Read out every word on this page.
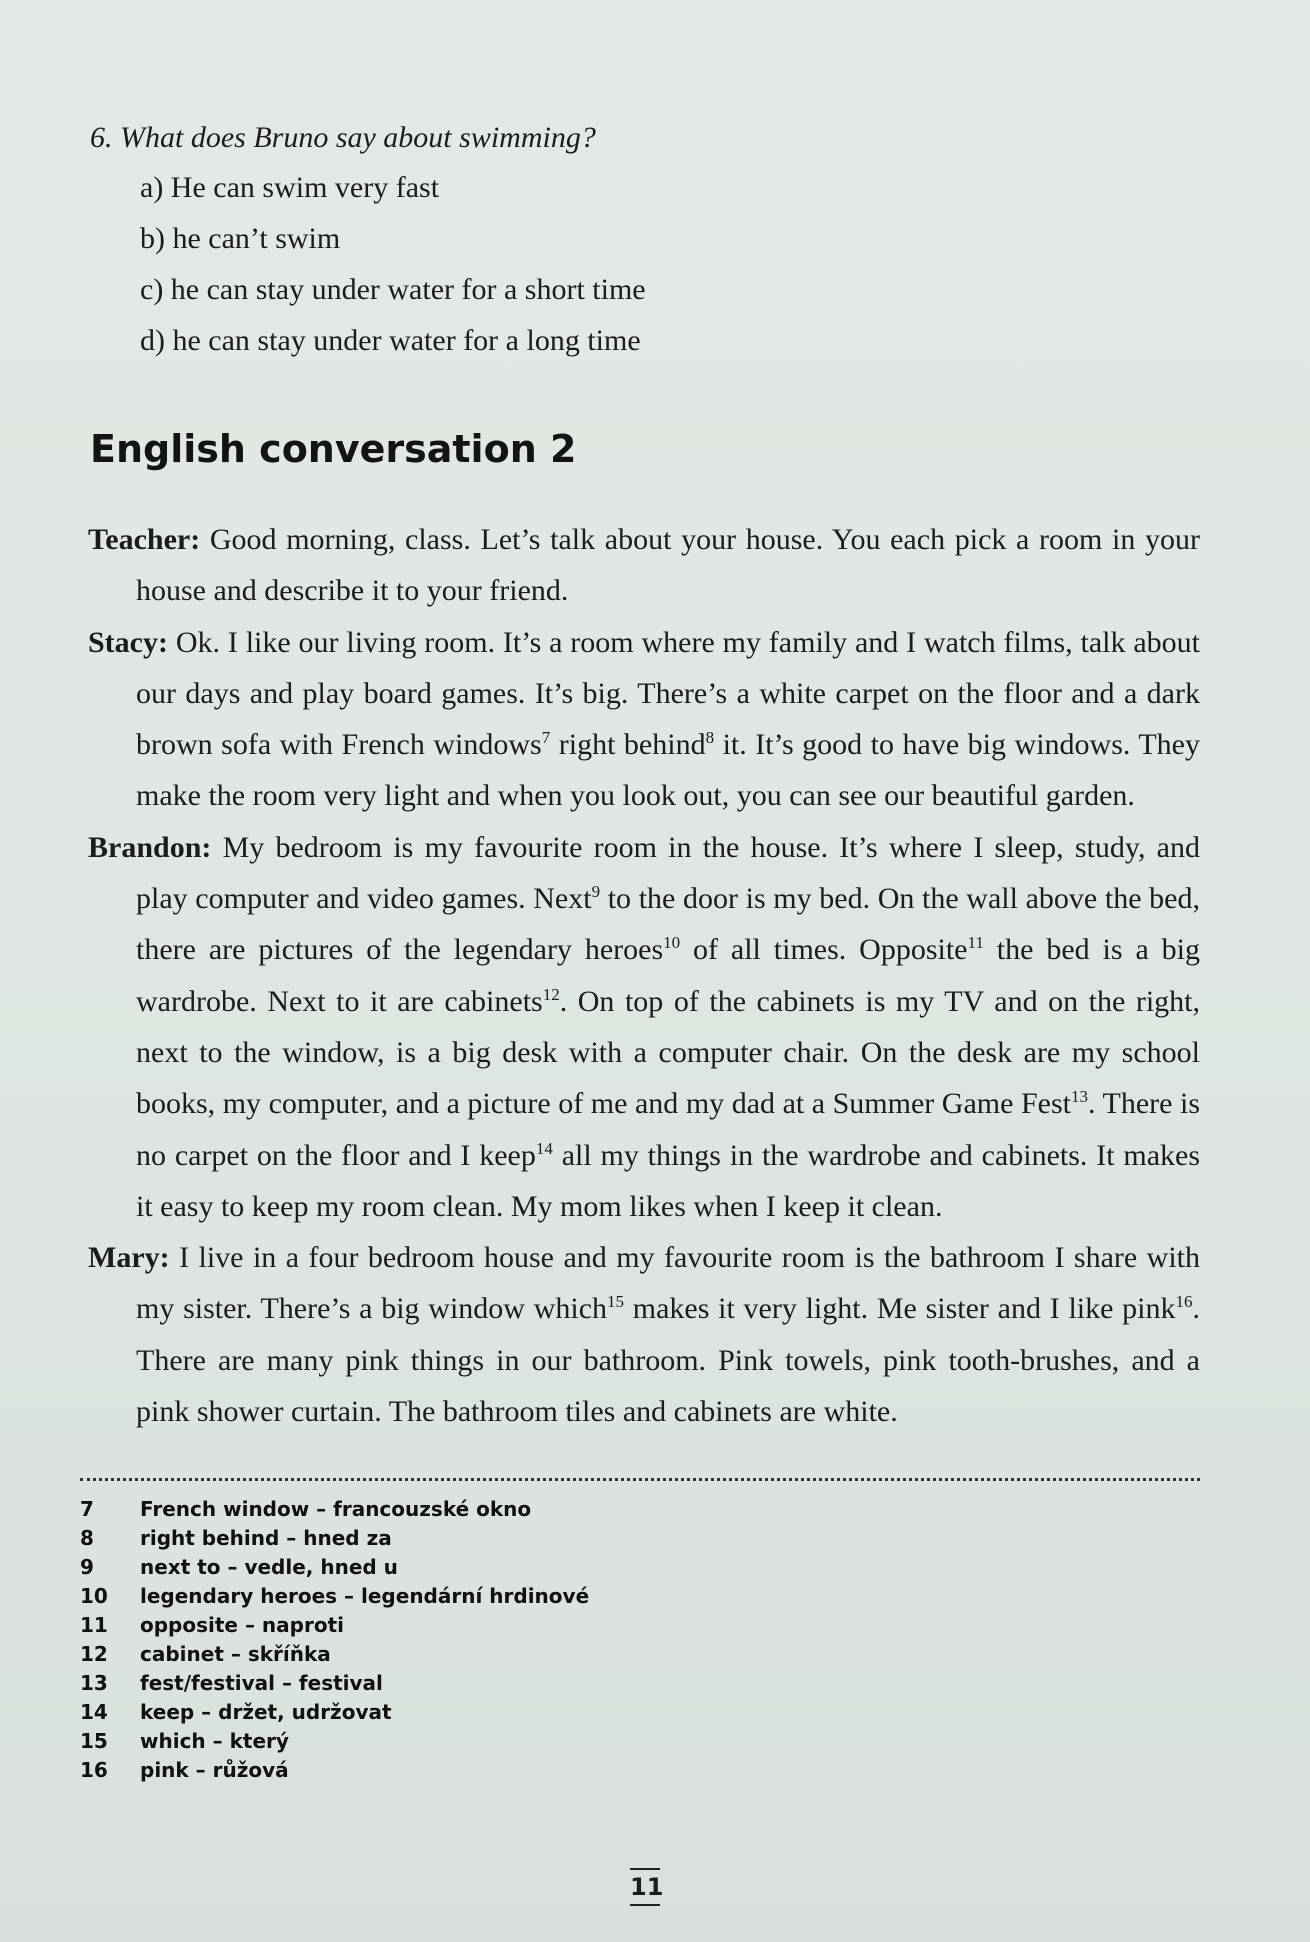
6. What does Bruno say about swimming?

a) He can swim very fast

b) he can’t swim

c) he can stay under water for a short time

d) he can stay under water for a long time

English conversation 2

Teacher: Good morning, class. Let’s talk about your house. You each pick a room in your house and describe it to your friend.

Stacy: Ok. I like our living room. It’s a room where my family and I watch films, talk about our days and play board games. It’s big. There’s a white carpet on the floor and a dark brown sofa with French windows$^7$ right behind$^8$ it. It’s good to have big windows. They make the room very light and when you look out, you can see our beautiful garden.

Brandon: My bedroom is my favourite room in the house. It’s where I sleep, study, and play computer and video games. Next$^9$ to the door is my bed. On the wall above the bed, there are pictures of the legendary heroes$^{10}$ of all times. Opposite$^{11}$ the bed is a big wardrobe. Next to it are cabinets$^{12}$. On top of the cabinets is my TV and on the right, next to the window, is a big desk with a computer chair. On the desk are my school books, my computer, and a picture of me and my dad at a Summer Game Fest$^{13}$. There is no carpet on the floor and I keep$^{14}$ all my things in the wardrobe and cabinets. It makes it easy to keep my room clean. My mom likes when I keep it clean.

Mary: I live in a four bedroom house and my favourite room is the bathroom I share with my sister. There’s a big window which$^{15}$ makes it very light. Me sister and I like pink$^{16}$. There are many pink things in our bathroom. Pink towels, pink tooth-brushes, and a pink shower curtain. The bathroom tiles and cabinets are white.

7	French window – francouzské okno
8	right behind – hned za
9	next to – vedle, hned u
10	legendary heroes – legendární hrdinové
11	opposite – naproti
12	cabinet – skříňka
13	fest/festival – festival
14	keep – držet, udržovat
15	which – který
16	pink – růžová
11
